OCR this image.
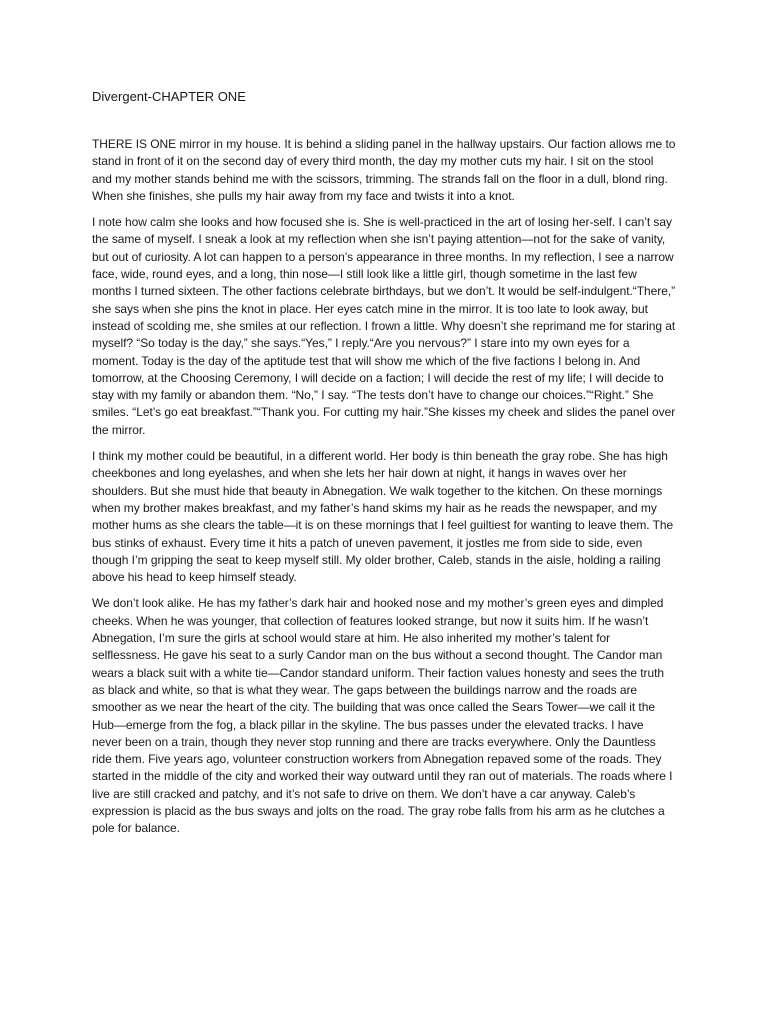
Divergent-CHAPTER ONE

THERE IS ONE mirror in my house. It is behind a sliding panel in the hallway upstairs. Our faction allows me to stand in front of it on the second day of every third month, the day my mother cuts my hair. I sit on the stool and my mother stands behind me with the scissors, trimming. The strands fall on the floor in a dull, blond ring. When she finishes, she pulls my hair away from my face and twists it into a knot.

I note how calm she looks and how focused she is. She is well-practiced in the art of losing her-self. I can’t say the same of myself. I sneak a look at my reflection when she isn’t paying attention—not for the sake of vanity, but out of curiosity. A lot can happen to a person’s appearance in three months. In my reflection, I see a narrow face, wide, round eyes, and a long, thin nose—I still look like a little girl, though sometime in the last few months I turned sixteen. The other factions celebrate birthdays, but we don’t. It would be self-indulgent.“There,” she says when she pins the knot in place. Her eyes catch mine in the mirror. It is too late to look away, but instead of scolding me, she smiles at our reflection. I frown a little. Why doesn’t she reprimand me for staring at myself? “So today is the day,” she says.“Yes,” I reply.“Are you nervous?” I stare into my own eyes for a moment. Today is the day of the aptitude test that will show me which of the five factions I belong in. And tomorrow, at the Choosing Ceremony, I will decide on a faction; I will decide the rest of my life; I will decide to stay with my family or abandon them. “No,” I say. “The tests don’t have to change our choices.”“Right.” She smiles. “Let’s go eat breakfast.”“Thank you. For cutting my hair.”She kisses my cheek and slides the panel over the mirror.

I think my mother could be beautiful, in a different world. Her body is thin beneath the gray robe. She has high cheekbones and long eyelashes, and when she lets her hair down at night, it hangs in waves over her shoulders. But she must hide that beauty in Abnegation. We walk together to the kitchen. On these mornings when my brother makes breakfast, and my father’s hand skims my hair as he reads the newspaper, and my mother hums as she clears the table—it is on these mornings that I feel guiltiest for wanting to leave them. The bus stinks of exhaust. Every time it hits a patch of uneven pavement, it jostles me from side to side, even though I’m gripping the seat to keep myself still. My older brother, Caleb, stands in the aisle, holding a railing above his head to keep himself steady.

We don’t look alike. He has my father’s dark hair and hooked nose and my mother’s green eyes and dimpled cheeks. When he was younger, that collection of features looked strange, but now it suits him. If he wasn’t Abnegation, I’m sure the girls at school would stare at him. He also inherited my mother’s talent for selflessness. He gave his seat to a surly Candor man on the bus without a second thought. The Candor man wears a black suit with a white tie—Candor standard uniform. Their faction values honesty and sees the truth as black and white, so that is what they wear. The gaps between the buildings narrow and the roads are smoother as we near the heart of the city. The building that was once called the Sears Tower—we call it the Hub—emerge from the fog, a black pillar in the skyline. The bus passes under the elevated tracks. I have never been on a train, though they never stop running and there are tracks everywhere. Only the Dauntless ride them. Five years ago, volunteer construction workers from Abnegation repaved some of the roads. They started in the middle of the city and worked their way outward until they ran out of materials. The roads where I live are still cracked and patchy, and it’s not safe to drive on them. We don’t have a car anyway. Caleb’s expression is placid as the bus sways and jolts on the road. The gray robe falls from his arm as he clutches a pole for balance.
